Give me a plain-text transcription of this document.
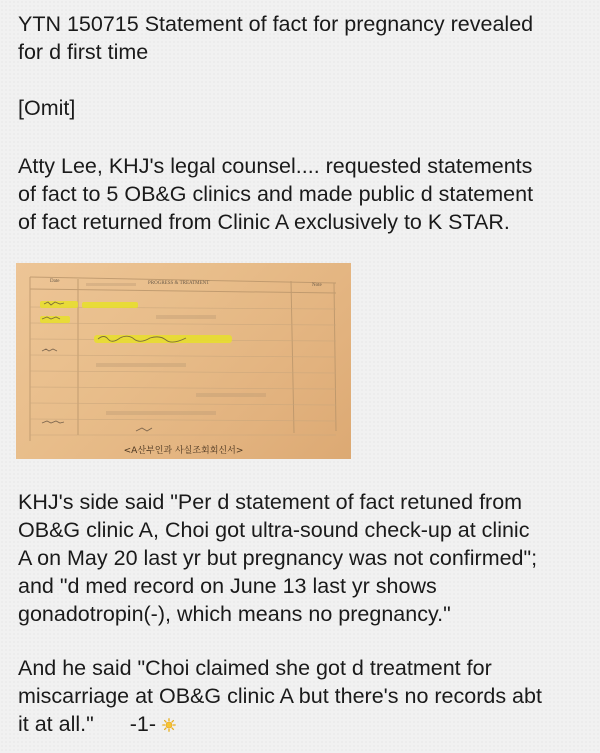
YTN 150715 Statement of fact for pregnancy revealed
for d first time

[Omit]

Atty Lee, KHJ's legal counsel.... requested statements
of fact to 5 OB&G clinics and made public d statement
of fact returned from Clinic A exclusively to K STAR.

Date	PROGRESS & TREATMENT	Note
<A산부인과 사실조회회신서>

KHJ's side said "Per d statement of fact retuned from
OB&G clinic A, Choi got ultra-sound check-up at clinic
A on May 20 last yr but pregnancy was not confirmed";
and "d med record on June 13 last yr shows
gonadotropin(-), which means no pregnancy."

And he said "Choi claimed she got d treatment for
miscarriage at OB&G clinic A but there's no records abt
it at all." -1-
